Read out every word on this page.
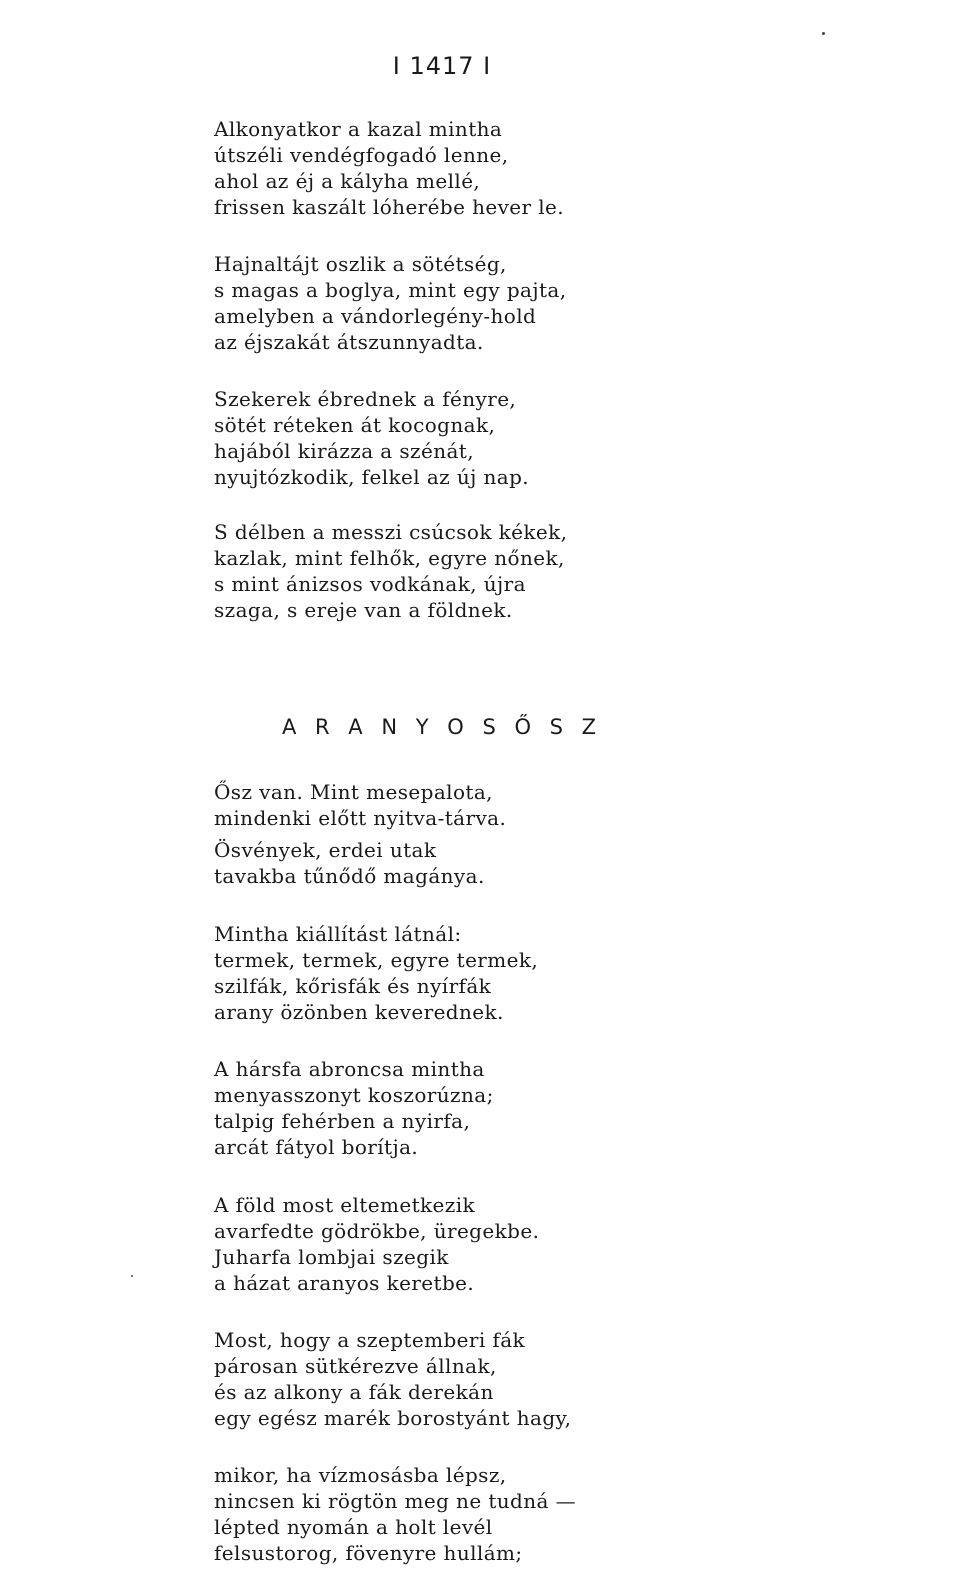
I 1417 I
Alkonyatkor a kazal mintha
útszéli vendégfogadó lenne,
ahol az éj a kályha mellé,
frissen kaszált lóherébe hever le.
Hajnaltájt oszlik a sötétség,
s magas a boglya, mint egy pajta,
amelyben a vándorlegény-hold
az éjszakát átszunnyadta.
Szekerek ébrednek a fényre,
sötét réteken át kocognak,
hajából kirázza a szénát,
nyujtózkodik, felkel az új nap.
S délben a messzi csúcsok kékek,
kazlak, mint felhők, egyre nőnek,
s mint ánizsos vodkának, újra
szaga, s ereje van a földnek.
A R A N Y O S Ő S Z
Ősz van. Mint mesepalota,
mindenki előtt nyitva-tárva.
Ösvények, erdei utak
tavakba tűnődő magánya.
Mintha kiállítást látnál:
termek, termek, egyre termek,
szilfák, kőrisfák és nyírfák
arany özönben keverednek.
A hársfa abroncsa mintha
menyasszonyt koszorúzna;
talpig fehérben a nyirfa,
arcát fátyol borítja.
A föld most eltemetkezik
avarfedte gödrökbe, üregekbe.
Juharfa lombjai szegik
a házat aranyos keretbe.
Most, hogy a szeptemberi fák
párosan sütkérezve állnak,
és az alkony a fák derekán
egy egész marék borostyánt hagy,
mikor, ha vízmosásba lépsz,
nincsen ki rögtön meg ne tudná —
lépted nyomán a holt levél
felsustorog, fövenyre hullám;
